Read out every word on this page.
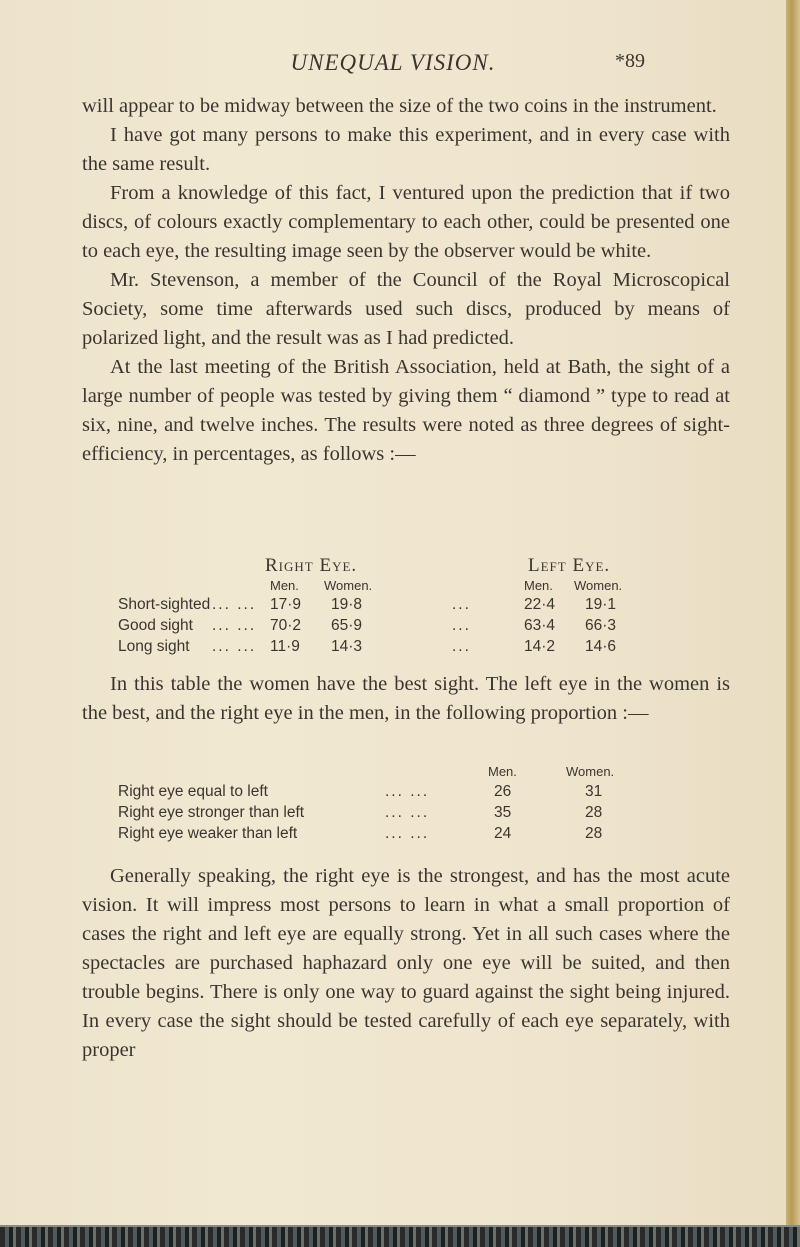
UNEQUAL VISION.	*89

will appear to be midway between the size of the two coins in the instrument.

I have got many persons to make this experiment, and in every case with the same result.

From a knowledge of this fact, I ventured upon the prediction that if two discs, of colours exactly complementary to each other, could be presented one to each eye, the resulting image seen by the observer would be white.

Mr. Stevenson, a member of the Council of the Royal Microscopical Society, some time afterwards used such discs, produced by means of polarized light, and the result was as I had predicted.

At the last meeting of the British Association, held at Bath, the sight of a large number of people was tested by giving them “ diamond ” type to read at six, nine, and twelve inches. The results were noted as three degrees of sight-efficiency, in percentages, as follows :—

Right Eye.	Left Eye.
Men. Women.	Men. Women.
Short-sighted ... ... 17·9 19·8	...	22·4 19·1
Good sight ... ... 70·2 65·9	...	63·4 66·3
Long sight ... ... 11·9 14·3	...	14·2 14·6

In this table the women have the best sight. The left eye in the women is the best, and the right eye in the men, in the following proportion :—

Men.	Women.
Right eye equal to left	... ...	26	31
Right eye stronger than left	... ...	35	28
Right eye weaker than left	... ...	24	28

Generally speaking, the right eye is the strongest, and has the most acute vision. It will impress most persons to learn in what a small proportion of cases the right and left eye are equally strong. Yet in all such cases where the spectacles are purchased haphazard only one eye will be suited, and then trouble begins. There is only one way to guard against the sight being injured. In every case the sight should be tested carefully of each eye separately, with proper
